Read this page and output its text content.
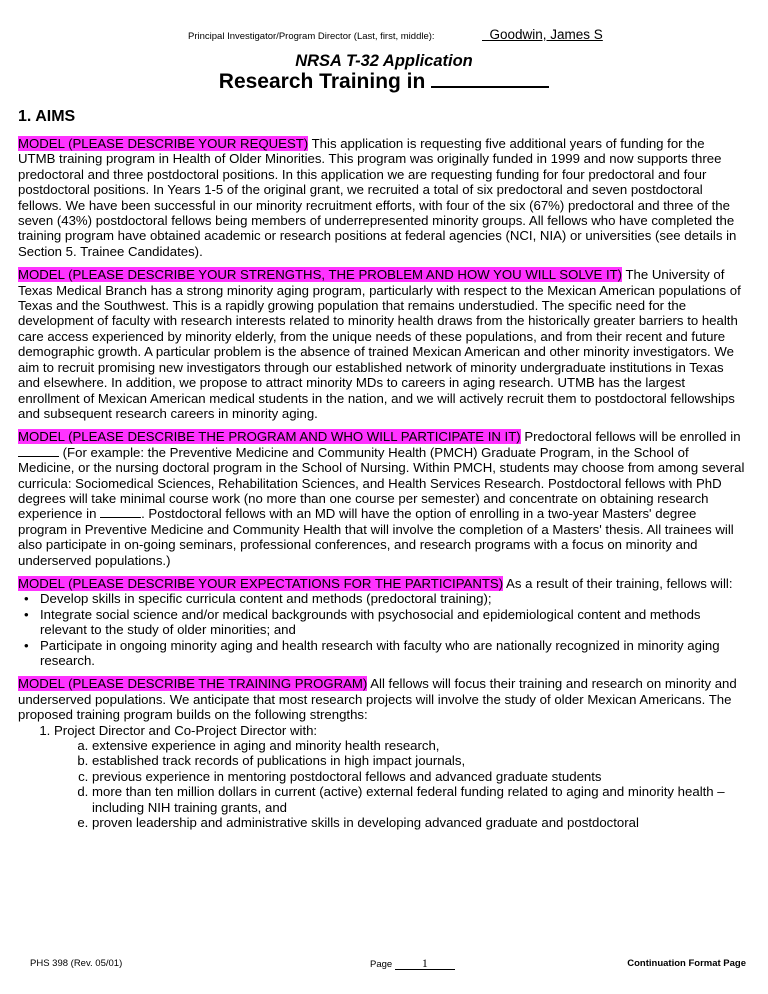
Principal Investigator/Program Director (Last, first, middle):	Goodwin, James S
NRSA T-32 Application
Research Training in
1. AIMS

MODEL (PLEASE DESCRIBE YOUR REQUEST) This application is requesting five additional years of funding for the UTMB training program in Health of Older Minorities. This program was originally funded in 1999 and now supports three predoctoral and three postdoctoral positions. In this application we are requesting funding for four predoctoral and four postdoctoral positions. In Years 1-5 of the original grant, we recruited a total of six predoctoral and seven postdoctoral fellows. We have been successful in our minority recruitment efforts, with four of the six (67%) predoctoral and three of the seven (43%) postdoctoral fellows being members of underrepresented minority groups. All fellows who have completed the training program have obtained academic or research positions at federal agencies (NCI, NIA) or universities (see details in Section 5. Trainee Candidates).

MODEL (PLEASE DESCRIBE YOUR STRENGTHS, THE PROBLEM AND HOW YOU WILL SOLVE IT) The University of Texas Medical Branch has a strong minority aging program, particularly with respect to the Mexican American populations of Texas and the Southwest. This is a rapidly growing population that remains understudied. The specific need for the development of faculty with research interests related to minority health draws from the historically greater barriers to health care access experienced by minority elderly, from the unique needs of these populations, and from their recent and future demographic growth. A particular problem is the absence of trained Mexican American and other minority investigators. We aim to recruit promising new investigators through our established network of minority undergraduate institutions in Texas and elsewhere. In addition, we propose to attract minority MDs to careers in aging research. UTMB has the largest enrollment of Mexican American medical students in the nation, and we will actively recruit them to postdoctoral fellowships and subsequent research careers in minority aging.

MODEL (PLEASE DESCRIBE THE PROGRAM AND WHO WILL PARTICIPATE IN IT) Predoctoral fellows will be enrolled in  (For example: the Preventive Medicine and Community Health (PMCH) Graduate Program, in the School of Medicine, or the nursing doctoral program in the School of Nursing. Within PMCH, students may choose from among several curricula: Sociomedical Sciences, Rehabilitation Sciences, and Health Services Research. Postdoctoral fellows with PhD degrees will take minimal course work (no more than one course per semester) and concentrate on obtaining research experience in	. Postdoctoral fellows with an MD will have the option of enrolling in a two-year Masters' degree program in Preventive Medicine and Community Health that will involve the completion of a Masters' thesis. All trainees will also participate in on-going seminars, professional conferences, and research programs with a focus on minority and underserved populations.)

MODEL (PLEASE DESCRIBE YOUR EXPECTATIONS FOR THE PARTICIPANTS) As a result of their training, fellows will:
• Develop skills in specific curricula content and methods (predoctoral training);
• Integrate social science and/or medical backgrounds with psychosocial and epidemiological content and methods relevant to the study of older minorities; and
• Participate in ongoing minority aging and health research with faculty who are nationally recognized in minority aging research.
MODEL (PLEASE DESCRIBE THE TRAINING PROGRAM) All fellows will focus their training and research on minority and underserved populations. We anticipate that most research projects will involve the study of older Mexican Americans. The proposed training program builds on the following strengths:
1. Project Director and Co-Project Director with:
a. extensive experience in aging and minority health research,
b. established track records of publications in high impact journals,
c. previous experience in mentoring postdoctoral fellows and advanced graduate students
d. more than ten million dollars in current (active) external federal funding related to aging and minority health – including NIH training grants, and
e. proven leadership and administrative skills in developing advanced graduate and postdoctoral
PHS 398 (Rev. 05/01)	Page 1	Continuation Format Page
